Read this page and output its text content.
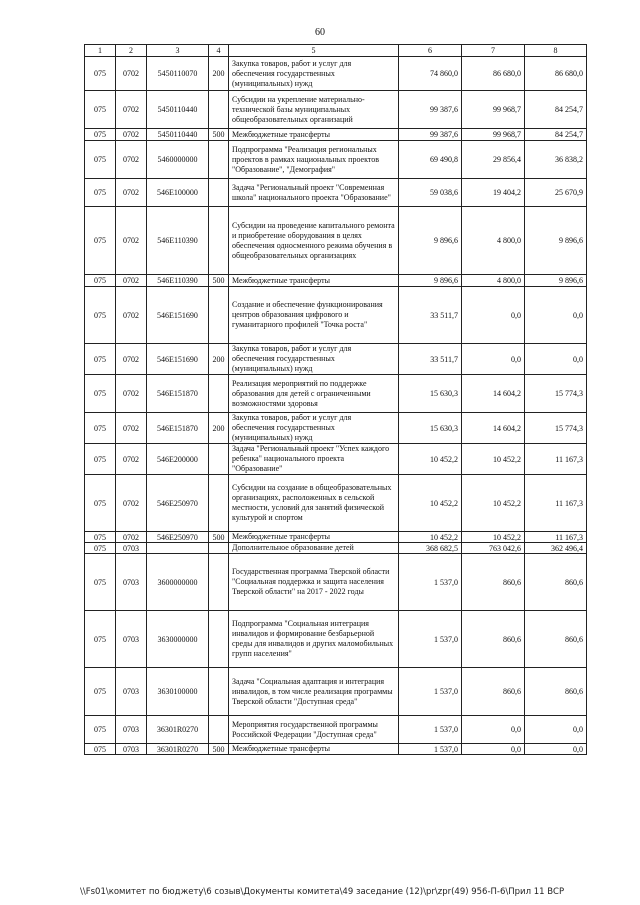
60
1	2	3	4	5	6	7	8
075	0702	5450110070	200	Закупка товаров, работ и услуг для обеспечения государственных (муниципальных) нужд	74 860,0	86 680,0	86 680,0
075	0702	5450110440		Субсидии на укрепление материально-технической базы муниципальных общеобразовательных организаций	99 387,6	99 968,7	84 254,7
075	0702	5450110440	500	Межбюджетные трансферты	99 387,6	99 968,7	84 254,7
075	0702	5460000000		Подпрограмма "Реализация региональных проектов в рамках национальных проектов "Образование", "Демография"	69 490,8	29 856,4	36 838,2
075	0702	546E100000		Задача "Региональный проект "Современная школа" национального проекта "Образование"	59 038,6	19 404,2	25 670,9
075	0702	546E110390		Субсидии на проведение капитального ремонта и приобретение оборудования в целях обеспечения односменного режима обучения в общеобразовательных организациях	9 896,6	4 800,0	9 896,6
075	0702	546E110390	500	Межбюджетные трансферты	9 896,6	4 800,0	9 896,6
075	0702	546E151690		Создание и обеспечение функционирования центров образования цифрового и гуманитарного профилей "Точка роста"	33 511,7	0,0	0,0
075	0702	546E151690	200	Закупка товаров, работ и услуг для обеспечения государственных (муниципальных) нужд	33 511,7	0,0	0,0
075	0702	546E151870		Реализация мероприятий по поддержке образования для детей с ограниченными возможностями здоровья	15 630,3	14 604,2	15 774,3
075	0702	546E151870	200	Закупка товаров, работ и услуг для обеспечения государственных (муниципальных) нужд	15 630,3	14 604,2	15 774,3
075	0702	546E200000		Задача "Региональный проект "Успех каждого ребенка" национального проекта "Образование"	10 452,2	10 452,2	11 167,3
075	0702	546E250970		Субсидии на создание в общеобразовательных организациях, расположенных в сельской местности, условий для занятий физической культурой и спортом	10 452,2	10 452,2	11 167,3
075	0702	546E250970	500	Межбюджетные трансферты	10 452,2	10 452,2	11 167,3
075	0703			Дополнительное образование детей	368 682,5	763 042,6	362 496,4
075	0703	3600000000		Государственная программа Тверской области "Социальная поддержка и защита населения Тверской области" на 2017 - 2022 годы	1 537,0	860,6	860,6
075	0703	3630000000		Подпрограмма "Социальная интеграция инвалидов и формирование безбарьерной среды для инвалидов и других маломобильных групп населения"	1 537,0	860,6	860,6
075	0703	3630100000		Задача "Социальная адаптация и интеграция инвалидов, в том числе реализация программы Тверской области "Доступная среда"	1 537,0	860,6	860,6
075	0703	36301R0270		Мероприятия государственной программы Российской Федерации "Доступная среда"	1 537,0	0,0	0,0
075	0703	36301R0270	500	Межбюджетные трансферты	1 537,0	0,0	0,0
\\Fs01\комитет по бюджету\6 созыв\Документы комитета\49 заседание (12)\pr\zpr(49) 956-П-6\Прил 11 ВСР
